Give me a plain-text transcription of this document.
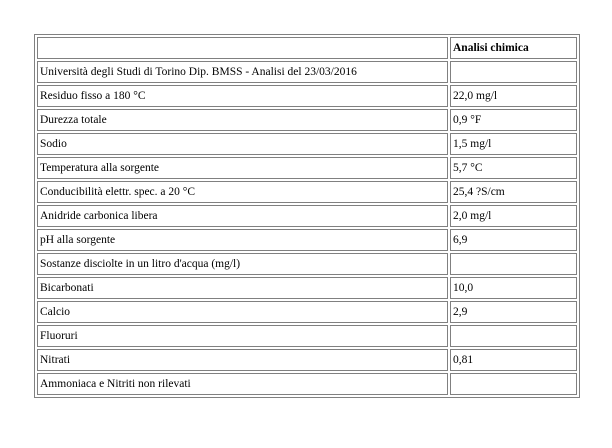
	Analisi chimica
Università degli Studi di Torino Dip. BMSS - Analisi del 23/03/2016	
Residuo fisso a 180 °C	22,0 mg/l
Durezza totale	0,9 °F
Sodio	1,5 mg/l
Temperatura alla sorgente	5,7 °C
Conducibilità elettr. spec. a 20 °C	25,4 ?S/cm
Anidride carbonica libera	2,0 mg/l
pH alla sorgente	6,9
Sostanze disciolte in un litro d'acqua (mg/l)	
Bicarbonati	10,0
Calcio	2,9
Fluoruri	
Nitrati	0,81
Ammoniaca e Nitriti non rilevati	
